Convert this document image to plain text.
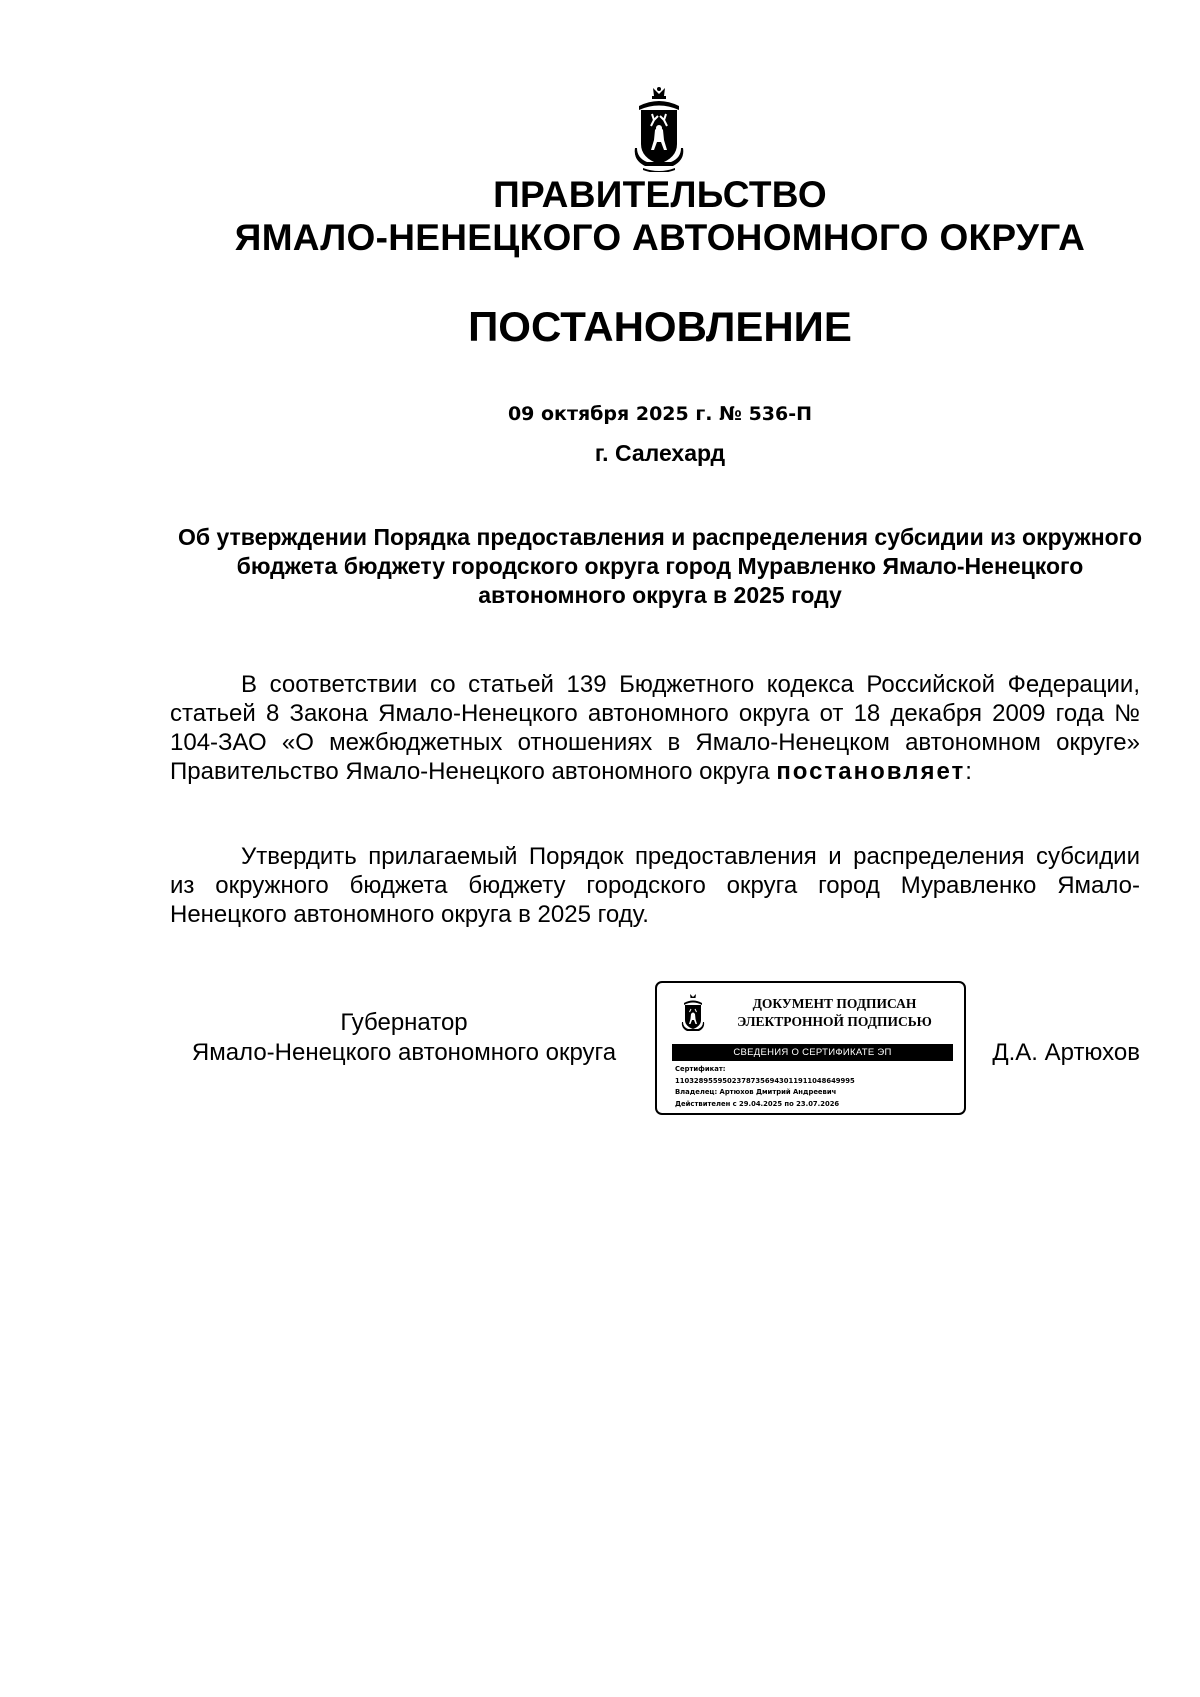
ПРАВИТЕЛЬСТВО
ЯМАЛО-НЕНЕЦКОГО АВТОНОМНОГО ОКРУГА
ПОСТАНОВЛЕНИЕ
09 октября 2025 г. № 536-П
г. Салехард
Об утверждении Порядка предоставления и распределения субсидии из окружного бюджета бюджету городского округа город Муравленко Ямало-Ненецкого автономного округа в 2025 году
В соответствии со статьей 139 Бюджетного кодекса Российской Федерации, статьей 8 Закона Ямало-Ненецкого автономного округа от 18 декабря 2009 года № 104-ЗАО «О межбюджетных отношениях в Ямало-Ненецком автономном округе» Правительство Ямало-Ненецкого автономного округа постановляет:
Утвердить прилагаемый Порядок предоставления и распределения субсидии из окружного бюджета бюджету городского округа город Муравленко Ямало-Ненецкого автономного округа в 2025 году.
Губернатор
Ямало-Ненецкого автономного округа
ДОКУМЕНТ ПОДПИСАН
ЭЛЕКТРОННОЙ ПОДПИСЬЮ
СВЕДЕНИЯ О СЕРТИФИКАТЕ ЭП
Сертификат:
11032895595023787356943011911048649995
Владелец: Артюхов Дмитрий Андреевич
Действителен с 29.04.2025 по 23.07.2026
Д.А. Артюхов
